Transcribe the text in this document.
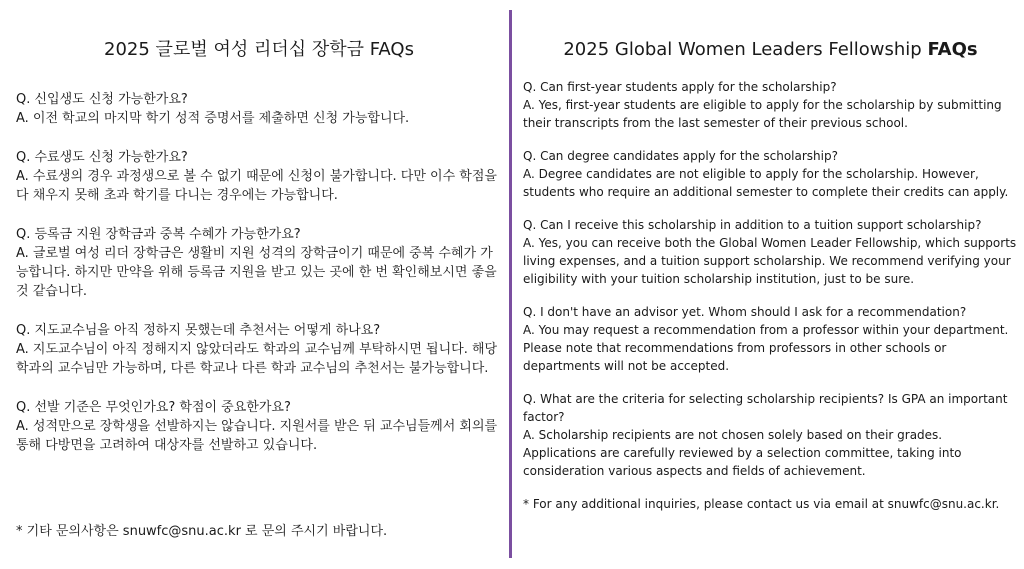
2025 글로벌 여성 리더십 장학금 FAQs
Q. 신입생도 신청 가능한가요?
A. 이전 학교의 마지막 학기 성적 증명서를 제출하면 신청 가능합니다.
Q. 수료생도 신청 가능한가요?
A. 수료생의 경우 과정생으로 볼 수 없기 때문에 신청이 불가합니다. 다만 이수 학점을 다 채우지 못해 초과 학기를 다니는 경우에는 가능합니다.
Q. 등록금 지원 장학금과 중복 수혜가 가능한가요?
A. 글로벌 여성 리더 장학금은 생활비 지원 성격의 장학금이기 때문에 중복 수혜가 가능합니다. 하지만 만약을 위해 등록금 지원을 받고 있는 곳에 한 번 확인해보시면 좋을 것 같습니다.
Q. 지도교수님을 아직 정하지 못했는데 추천서는 어떻게 하나요?
A. 지도교수님이 아직 정해지지 않았더라도 학과의 교수님께 부탁하시면 됩니다. 해당 학과의 교수님만 가능하며, 다른 학교나 다른 학과 교수님의 추천서는 불가능합니다.
Q. 선발 기준은 무엇인가요? 학점이 중요한가요?
A. 성적만으로 장학생을 선발하지는 않습니다. 지원서를 받은 뒤 교수님들께서 회의를 통해 다방면을 고려하여 대상자를 선발하고 있습니다.
* 기타 문의사항은 snuwfc@snu.ac.kr 로 문의 주시기 바랍니다.
2025 Global Women Leaders Fellowship FAQs
Q. Can first-year students apply for the scholarship?
A. Yes, first-year students are eligible to apply for the scholarship by submitting their transcripts from the last semester of their previous school.
Q. Can degree candidates apply for the scholarship?
A. Degree candidates are not eligible to apply for the scholarship. However, students who require an additional semester to complete their credits can apply.
Q. Can I receive this scholarship in addition to a tuition support scholarship?
A. Yes, you can receive both the Global Women Leader Fellowship, which supports living expenses, and a tuition support scholarship. We recommend verifying your eligibility with your tuition scholarship institution, just to be sure.
Q. I don't have an advisor yet. Whom should I ask for a recommendation?
A. You may request a recommendation from a professor within your department. Please note that recommendations from professors in other schools or departments will not be accepted.
Q. What are the criteria for selecting scholarship recipients? Is GPA an important factor?
A. Scholarship recipients are not chosen solely based on their grades. Applications are carefully reviewed by a selection committee, taking into consideration various aspects and fields of achievement.
* For any additional inquiries, please contact us via email at snuwfc@snu.ac.kr.
